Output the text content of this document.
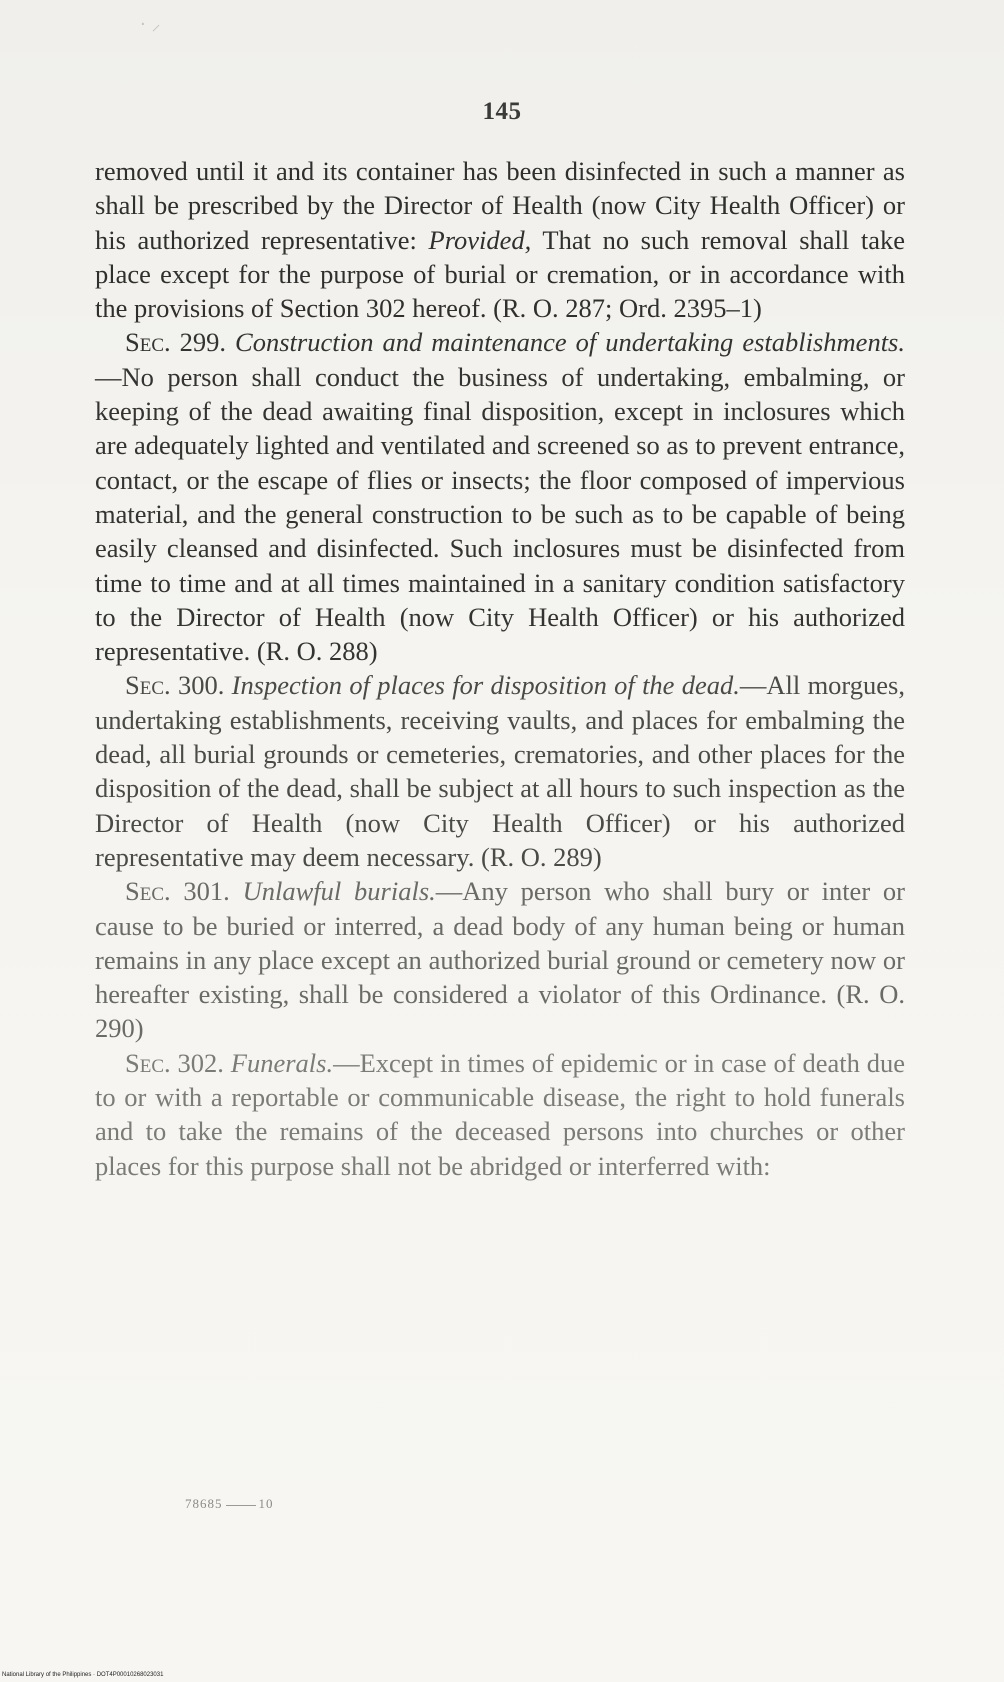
· ⸝
145

removed until it and its container has been disinfected in such a manner as shall be prescribed by the Director of Health (now City Health Officer) or his authorized representative: Provided, That no such removal shall take place except for the purpose of burial or cremation, or in accordance with the provisions of Section 302 hereof. (R. O. 287; Ord. 2395–1)

Sec. 299. Construction and maintenance of undertaking establishments.—No person shall conduct the business of undertaking, embalming, or keeping of the dead awaiting final disposition, except in inclosures which are adequately lighted and ventilated and screened so as to prevent entrance, contact, or the escape of flies or insects; the floor composed of impervious material, and the general construction to be such as to be capable of being easily cleansed and disinfected. Such inclosures must be disinfected from time to time and at all times maintained in a sanitary condition satisfactory to the Director of Health (now City Health Officer) or his authorized representative. (R. O. 288)

Sec. 300. Inspection of places for disposition of the dead.—All morgues, undertaking establishments, receiving vaults, and places for embalming the dead, all burial grounds or cemeteries, crematories, and other places for the disposition of the dead, shall be subject at all hours to such inspection as the Director of Health (now City Health Officer) or his authorized representative may deem necessary. (R. O. 289)

Sec. 301. Unlawful burials.—Any person who shall bury or inter or cause to be buried or interred, a dead body of any human being or human remains in any place except an authorized burial ground or cemetery now or hereafter existing, shall be considered a violator of this Ordinance. (R. O. 290)

Sec. 302. Funerals.—Except in times of epidemic or in case of death due to or with a reportable or communicable disease, the right to hold funerals and to take the remains of the deceased persons into churches or other places for this purpose shall not be abridged or interferred with:

78685	10
National Library of the Philippines · DOT4P00010268023031
